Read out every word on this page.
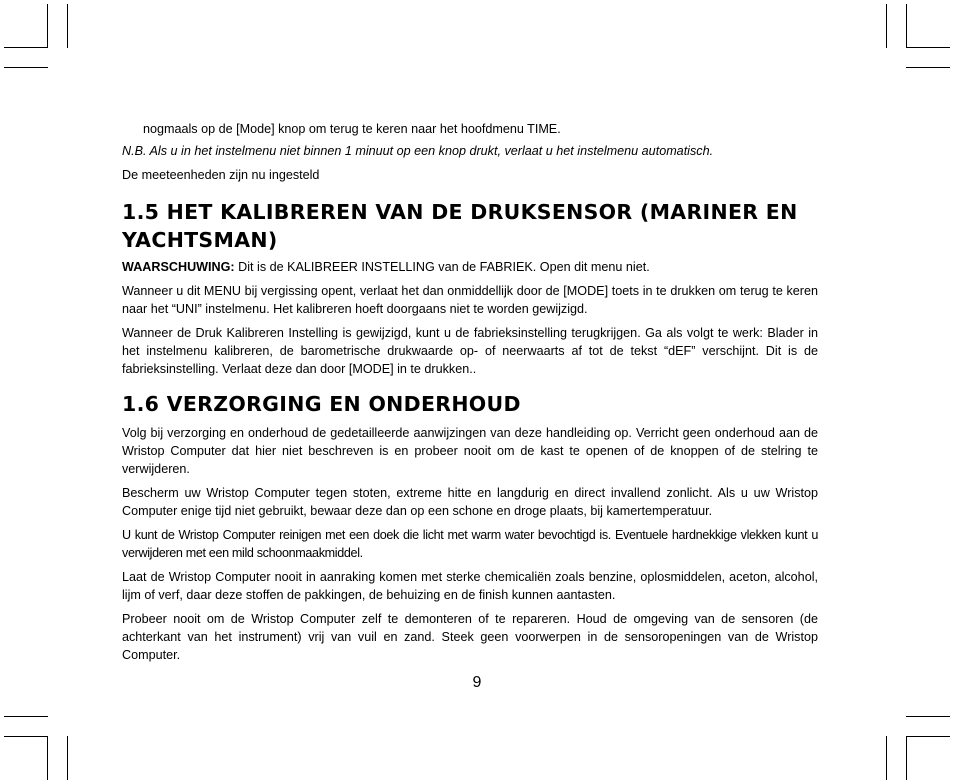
nogmaals op de [Mode] knop om terug te keren naar het hoofdmenu TIME.

N.B. Als u in het instelmenu niet binnen 1 minuut op een knop drukt, verlaat u het instelmenu automatisch.

De meeteenheden zijn nu ingesteld

1.5 HET KALIBREREN VAN DE DRUKSENSOR (MARINER EN YACHTSMAN)

WAARSCHUWING: Dit is de KALIBREER INSTELLING van de FABRIEK. Open dit menu niet.

Wanneer u dit MENU bij vergissing opent, verlaat het dan onmiddellijk door de [MODE] toets in te drukken om terug te keren naar het “UNI” instelmenu. Het kalibreren hoeft doorgaans niet te worden gewijzigd.

Wanneer de Druk Kalibreren Instelling is gewijzigd, kunt u de fabrieksinstelling terugkrijgen. Ga als volgt te werk: Blader in het instelmenu kalibreren, de barometrische drukwaarde op- of neerwaarts af tot de tekst “dEF” verschijnt. Dit is de fabrieksinstelling. Verlaat deze dan door [MODE] in te drukken..

1.6 VERZORGING EN ONDERHOUD

Volg bij verzorging en onderhoud de gedetailleerde aanwijzingen van deze handleiding op. Verricht geen onderhoud aan de Wristop Computer dat hier niet beschreven is en probeer nooit om de kast te openen of de knoppen of de stelring te verwijderen.

Bescherm uw Wristop Computer tegen stoten, extreme hitte en langdurig en direct invallend zonlicht. Als u uw Wristop Computer enige tijd niet gebruikt, bewaar deze dan op een schone en droge plaats, bij kamertemperatuur.

U kunt de Wristop Computer reinigen met een doek die licht met warm water bevochtigd is. Eventuele hardnekkige vlekken kunt u verwijderen met een mild schoonmaakmiddel.

Laat de Wristop Computer nooit in aanraking komen met sterke chemicaliën zoals benzine, oplosmiddelen, aceton, alcohol, lijm of verf, daar deze stoffen de pakkingen, de behuizing en de finish kunnen aantasten.

Probeer nooit om de Wristop Computer zelf te demonteren of te repareren. Houd de omgeving van de sensoren (de achterkant van het instrument) vrij van vuil en zand. Steek geen voorwerpen in de sensoropeningen van de Wristop Computer.

9
